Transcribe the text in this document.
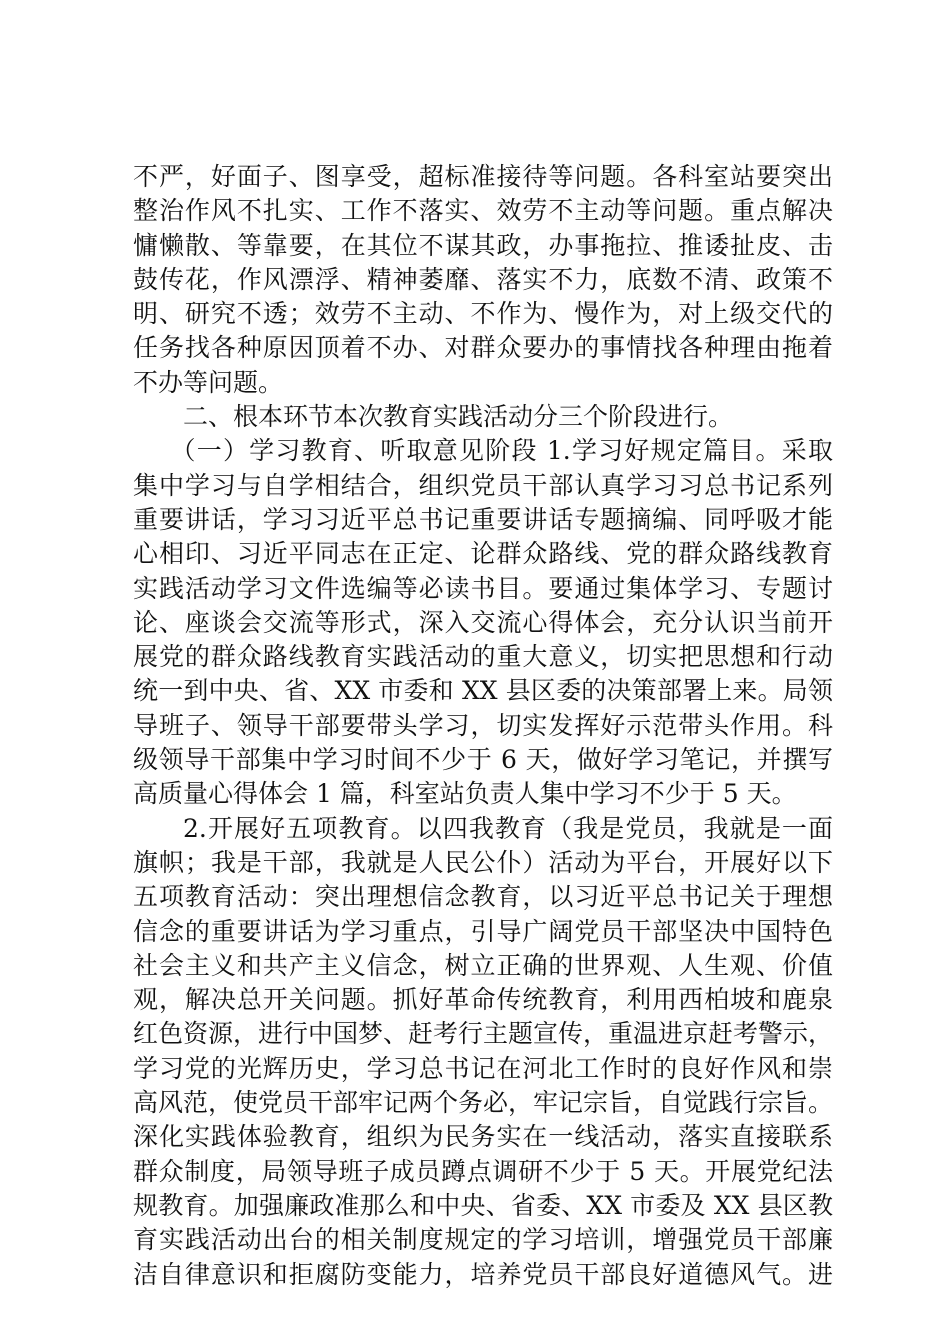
不严，好面子、图享受，超标准接待等问题。各科室站要突出
整治作风不扎实、工作不落实、效劳不主动等问题。重点解决
慵懒散、等靠要，在其位不谋其政，办事拖拉、推诿扯皮、击
鼓传花，作风漂浮、精神萎靡、落实不力，底数不清、政策不
明、研究不透；效劳不主动、不作为、慢作为，对上级交代的
任务找各种原因顶着不办、对群众要办的事情找各种理由拖着
不办等问题。
二、根本环节本次教育实践活动分三个阶段进行。
（一）学习教育、听取意见阶段 1.学习好规定篇目。采取
集中学习与自学相结合，组织党员干部认真学习习总书记系列
重要讲话，学习习近平总书记重要讲话专题摘编、同呼吸才能
心相印、习近平同志在正定、论群众路线、党的群众路线教育
实践活动学习文件选编等必读书目。要通过集体学习、专题讨
论、座谈会交流等形式，深入交流心得体会，充分认识当前开
展党的群众路线教育实践活动的重大意义，切实把思想和行动
统一到中央、省、XX 市委和 XX 县区委的决策部署上来。局领
导班子、领导干部要带头学习，切实发挥好示范带头作用。科
级领导干部集中学习时间不少于 6 天，做好学习笔记，并撰写
高质量心得体会 1 篇，科室站负责人集中学习不少于 5 天。
2.开展好五项教育。以四我教育（我是党员，我就是一面
旗帜；我是干部，我就是人民公仆）活动为平台，开展好以下
五项教育活动：突出理想信念教育，以习近平总书记关于理想
信念的重要讲话为学习重点，引导广阔党员干部坚决中国特色
社会主义和共产主义信念，树立正确的世界观、人生观、价值
观，解决总开关问题。抓好革命传统教育，利用西柏坡和鹿泉
红色资源，进行中国梦、赶考行主题宣传，重温进京赶考警示，
学习党的光辉历史，学习总书记在河北工作时的良好作风和崇
高风范，使党员干部牢记两个务必，牢记宗旨，自觉践行宗旨。
深化实践体验教育，组织为民务实在一线活动，落实直接联系
群众制度，局领导班子成员蹲点调研不少于 5 天。开展党纪法
规教育。加强廉政准那么和中央、省委、XX 市委及 XX 县区教
育实践活动出台的相关制度规定的学习培训，增强党员干部廉
洁自律意识和拒腐防变能力，培养党员干部良好道德风气。进
